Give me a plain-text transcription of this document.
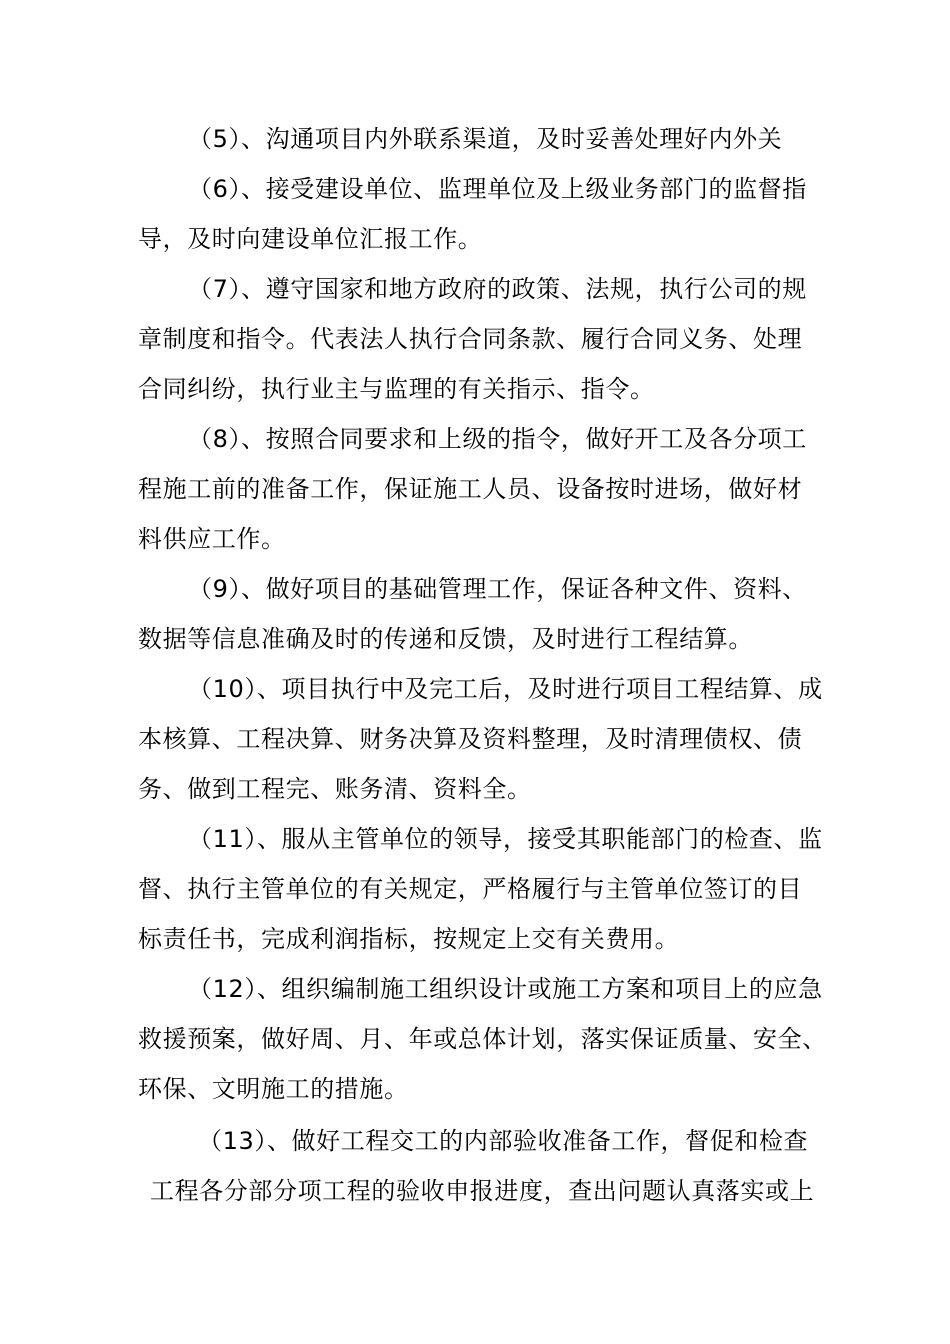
（5）、沟通项目内外联系渠道，及时妥善处理好内外关
（6）、接受建设单位、监理单位及上级业务部门的监督指
导，及时向建设单位汇报工作。
（7）、遵守国家和地方政府的政策、法规，执行公司的规
章制度和指令。代表法人执行合同条款、履行合同义务、处理
合同纠纷，执行业主与监理的有关指示、指令。
（8）、按照合同要求和上级的指令，做好开工及各分项工
程施工前的准备工作，保证施工人员、设备按时进场，做好材
料供应工作。
（9）、做好项目的基础管理工作，保证各种文件、资料、
数据等信息准确及时的传递和反馈，及时进行工程结算。
（10）、项目执行中及完工后，及时进行项目工程结算、成
本核算、工程决算、财务决算及资料整理，及时清理债权、债
务、做到工程完、账务清、资料全。
（11）、服从主管单位的领导，接受其职能部门的检查、监
督、执行主管单位的有关规定，严格履行与主管单位签订的目
标责任书，完成利润指标，按规定上交有关费用。
（12）、组织编制施工组织设计或施工方案和项目上的应急
救援预案，做好周、月、年或总体计划，落实保证质量、安全、
环保、文明施工的措施。
（13）、做好工程交工的内部验收准备工作，督促和检查
工程各分部分项工程的验收申报进度，查出问题认真落实或上
